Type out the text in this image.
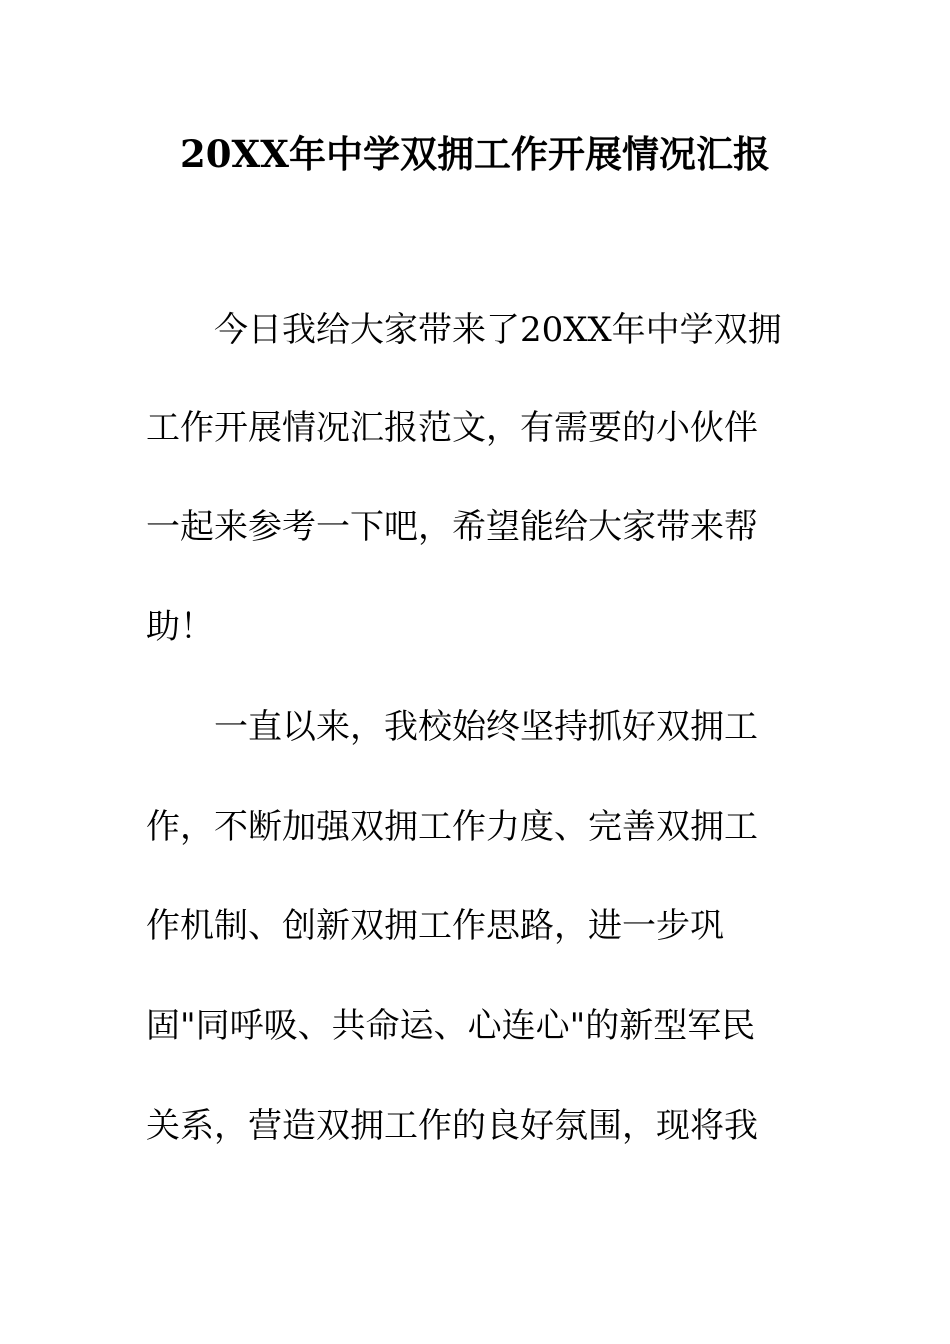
20XX年中学双拥工作开展情况汇报
今日我给大家带来了20XX年中学双拥
工作开展情况汇报范文，有需要的小伙伴
一起来参考一下吧，希望能给大家带来帮
助！
一直以来，我校始终坚持抓好双拥工
作，不断加强双拥工作力度、完善双拥工
作机制、创新双拥工作思路，进一步巩
固"同呼吸、共命运、心连心"的新型军民
关系，营造双拥工作的良好氛围，现将我
